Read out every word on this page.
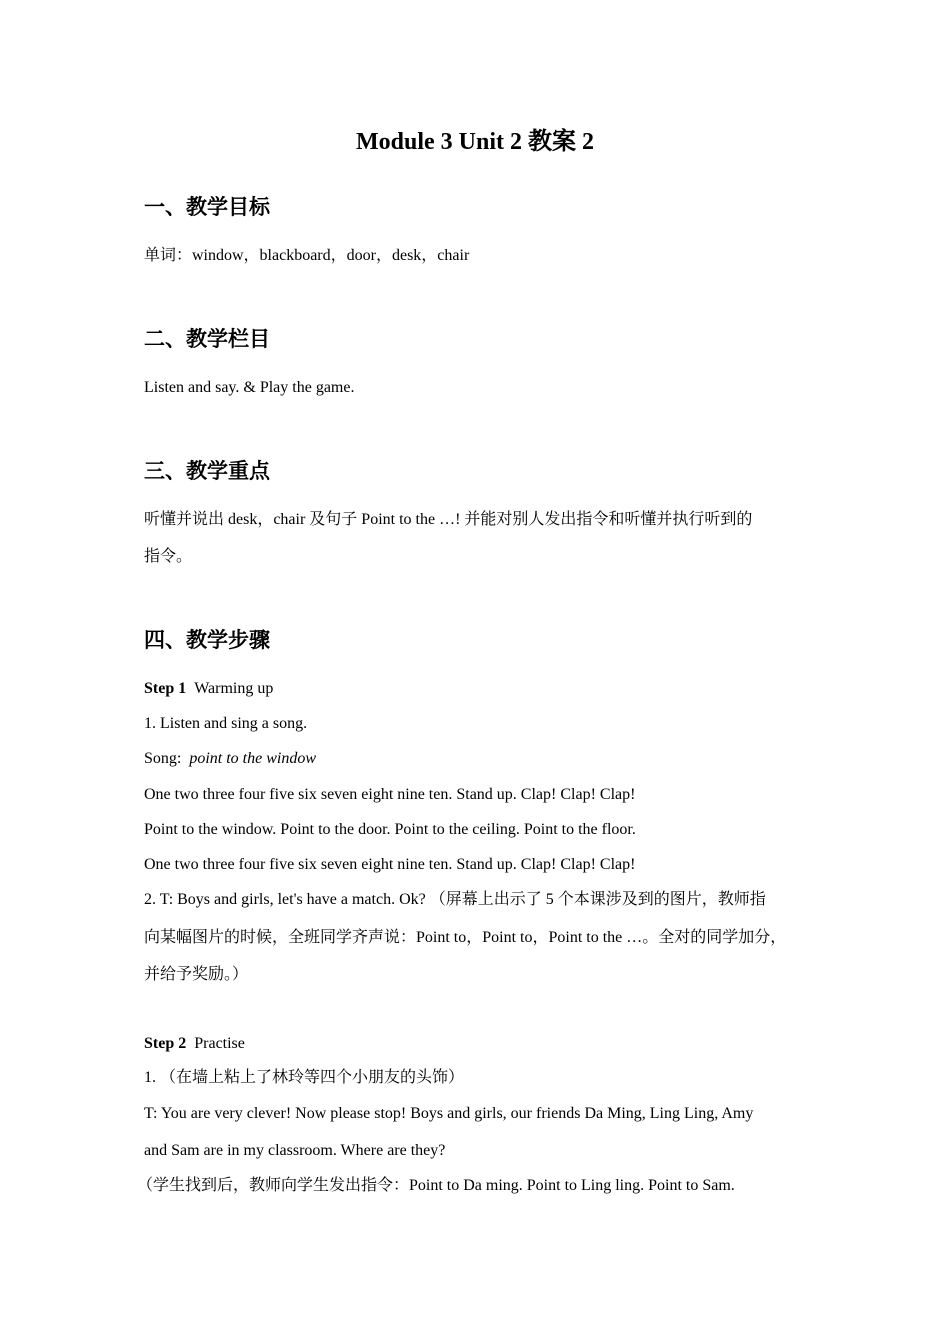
Module 3 Unit 2 教案 2
一、教学目标
单词：window，blackboard，door，desk，chair
二、教学栏目
Listen and say. & Play the game.
三、教学重点
听懂并说出 desk，chair 及句子 Point to the …! 并能对别人发出指令和听懂并执行听到的
指令。
四、教学步骤
Step 1 Warming up
1. Listen and sing a song.
Song: point to the window
One two three four five six seven eight nine ten. Stand up. Clap! Clap! Clap!
Point to the window. Point to the door. Point to the ceiling. Point to the floor.
One two three four five six seven eight nine ten. Stand up. Clap! Clap! Clap!
2. T: Boys and girls, let's have a match. Ok? （屏幕上出示了 5 个本课涉及到的图片，教师指
向某幅图片的时候，全班同学齐声说：Point to，Point to，Point to the …。全对的同学加分，
并给予奖励。）
Step 2 Practise
1. （在墙上粘上了林玲等四个小朋友的头饰）
T: You are very clever! Now please stop! Boys and girls, our friends Da Ming, Ling Ling, Amy
and Sam are in my classroom. Where are they?
（学生找到后，教师向学生发出指令：Point to Da ming. Point to Ling ling. Point to Sam.
